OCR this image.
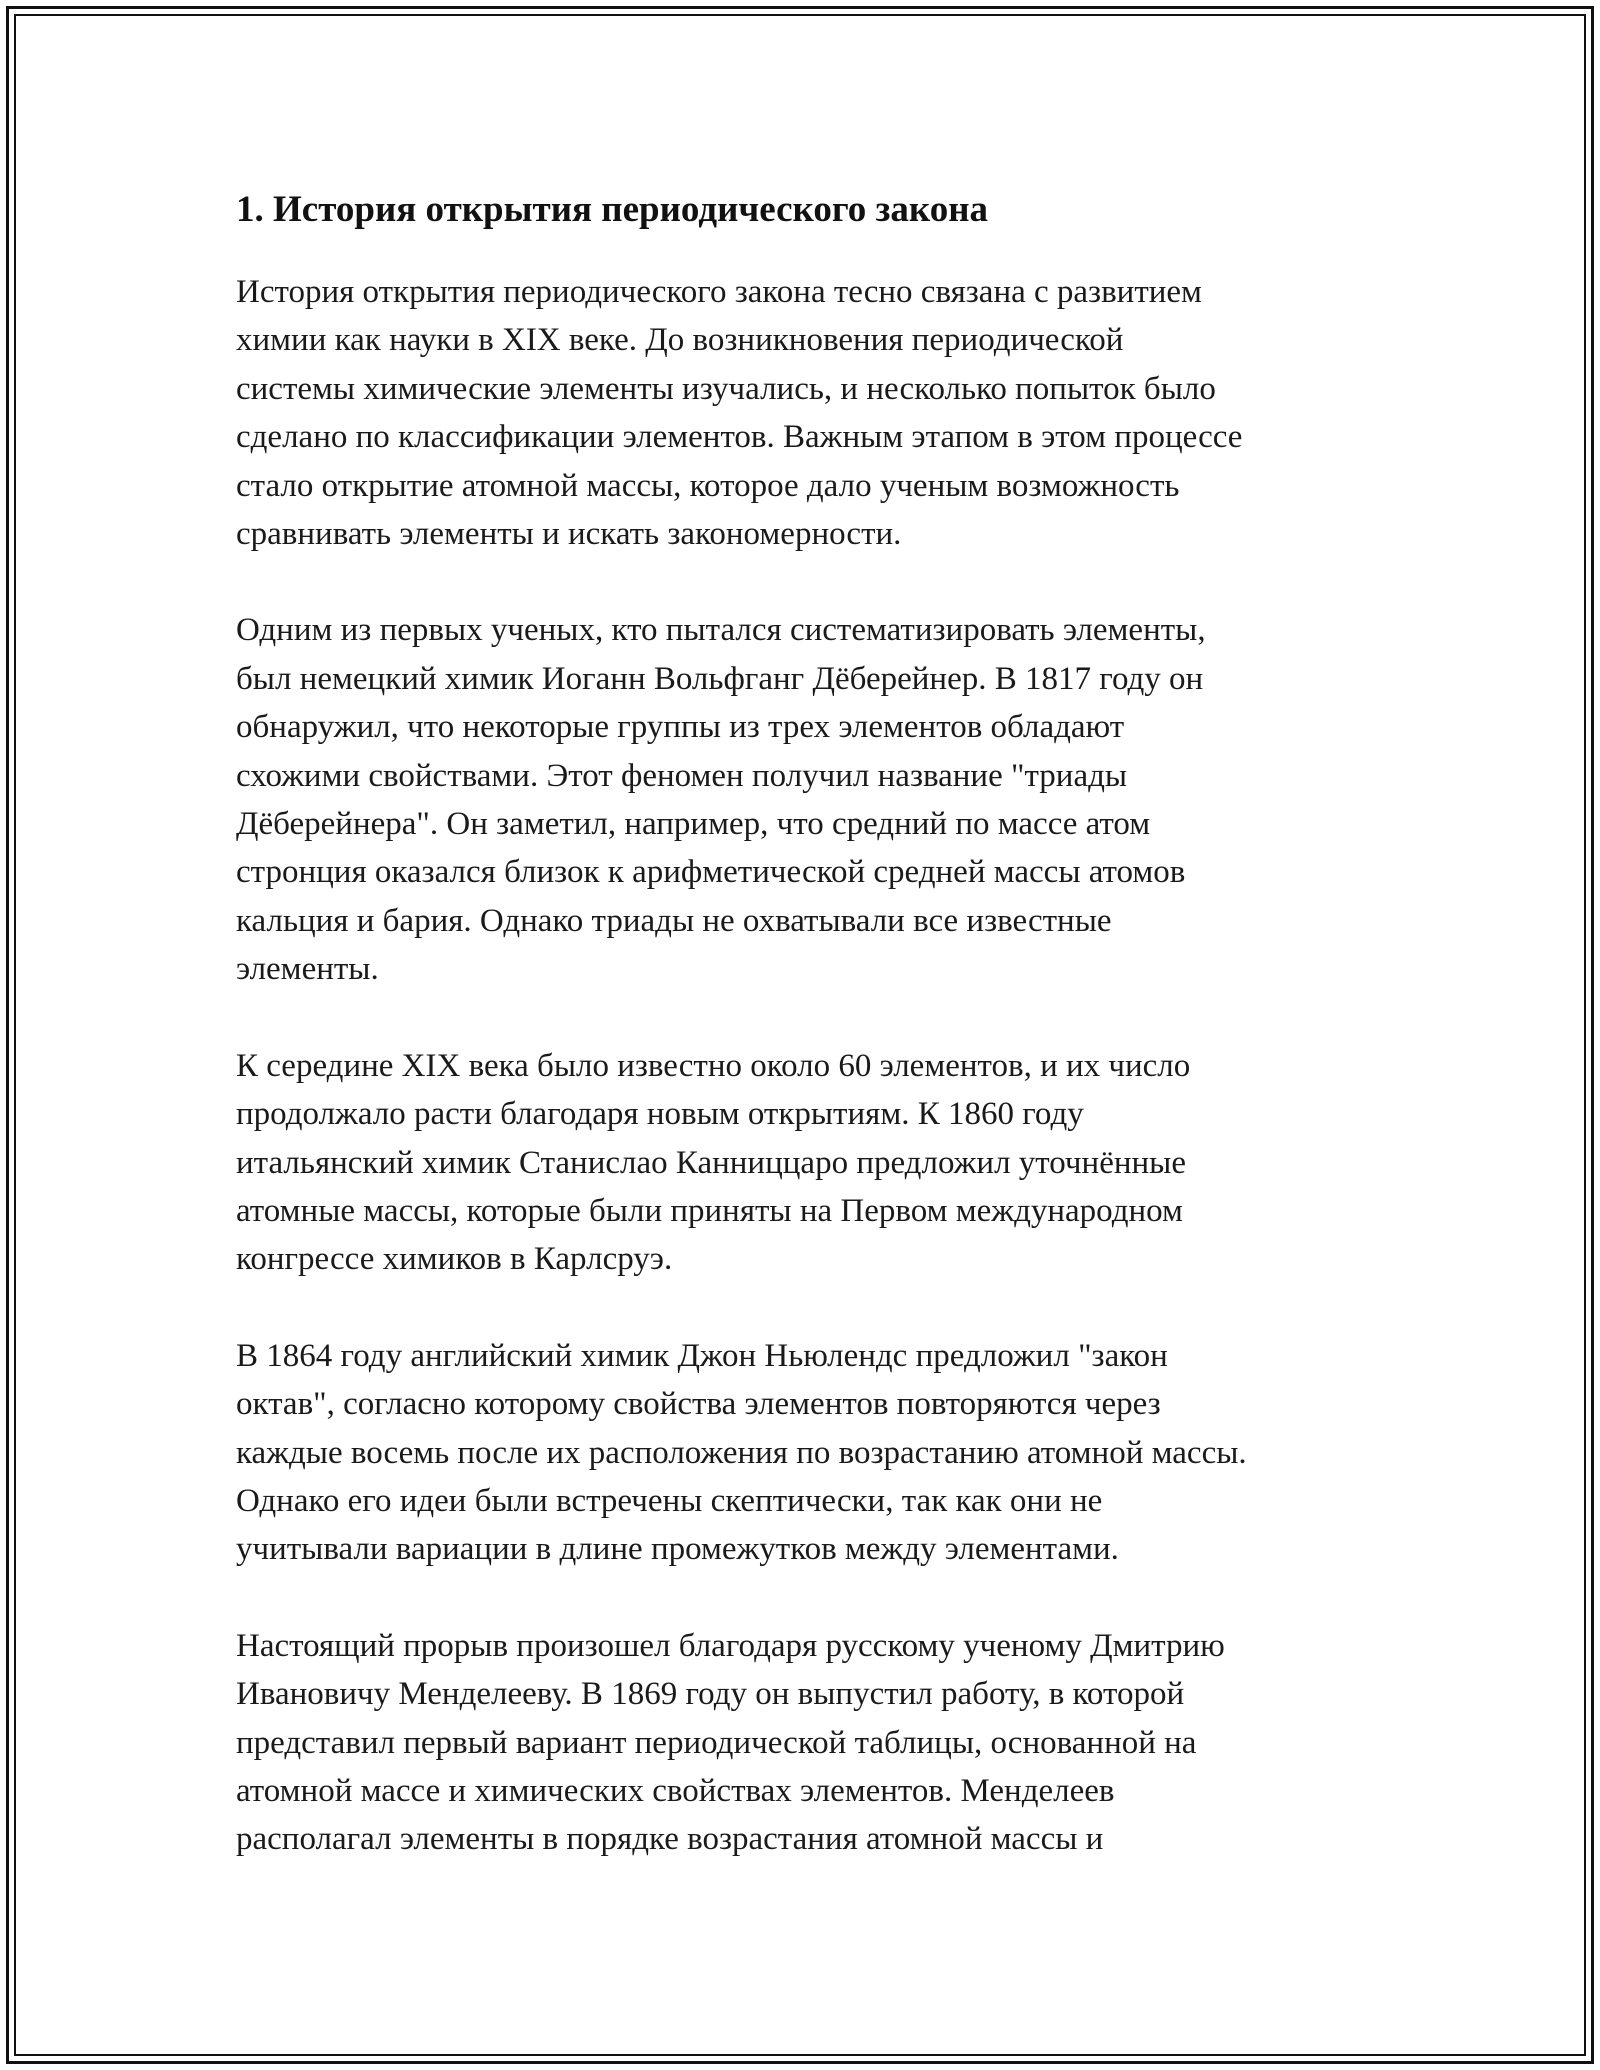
1. История открытия периодического закона

История открытия периодического закона тесно связана с развитием
химии как науки в XIX веке. До возникновения периодической
системы химические элементы изучались, и несколько попыток было
сделано по классификации элементов. Важным этапом в этом процессе
стало открытие атомной массы, которое дало ученым возможность
сравнивать элементы и искать закономерности.

Одним из первых ученых, кто пытался систематизировать элементы,
был немецкий химик Иоганн Вольфганг Дёберейнер. В 1817 году он
обнаружил, что некоторые группы из трех элементов обладают
схожими свойствами. Этот феномен получил название "триады
Дёберейнера". Он заметил, например, что средний по массе атом
стронция оказался близок к арифметической средней массы атомов
кальция и бария. Однако триады не охватывали все известные
элементы.

К середине XIX века было известно около 60 элементов, и их число
продолжало расти благодаря новым открытиям. К 1860 году
итальянский химик Станислао Канниццаро предложил уточнённые
атомные массы, которые были приняты на Первом международном
конгрессе химиков в Карлсруэ.

В 1864 году английский химик Джон Ньюлендс предложил "закон
октав", согласно которому свойства элементов повторяются через
каждые восемь после их расположения по возрастанию атомной массы.
Однако его идеи были встречены скептически, так как они не
учитывали вариации в длине промежутков между элементами.

Настоящий прорыв произошел благодаря русскому ученому Дмитрию
Ивановичу Менделееву. В 1869 году он выпустил работу, в которой
представил первый вариант периодической таблицы, основанной на
атомной массе и химических свойствах элементов. Менделеев
располагал элементы в порядке возрастания атомной массы и
